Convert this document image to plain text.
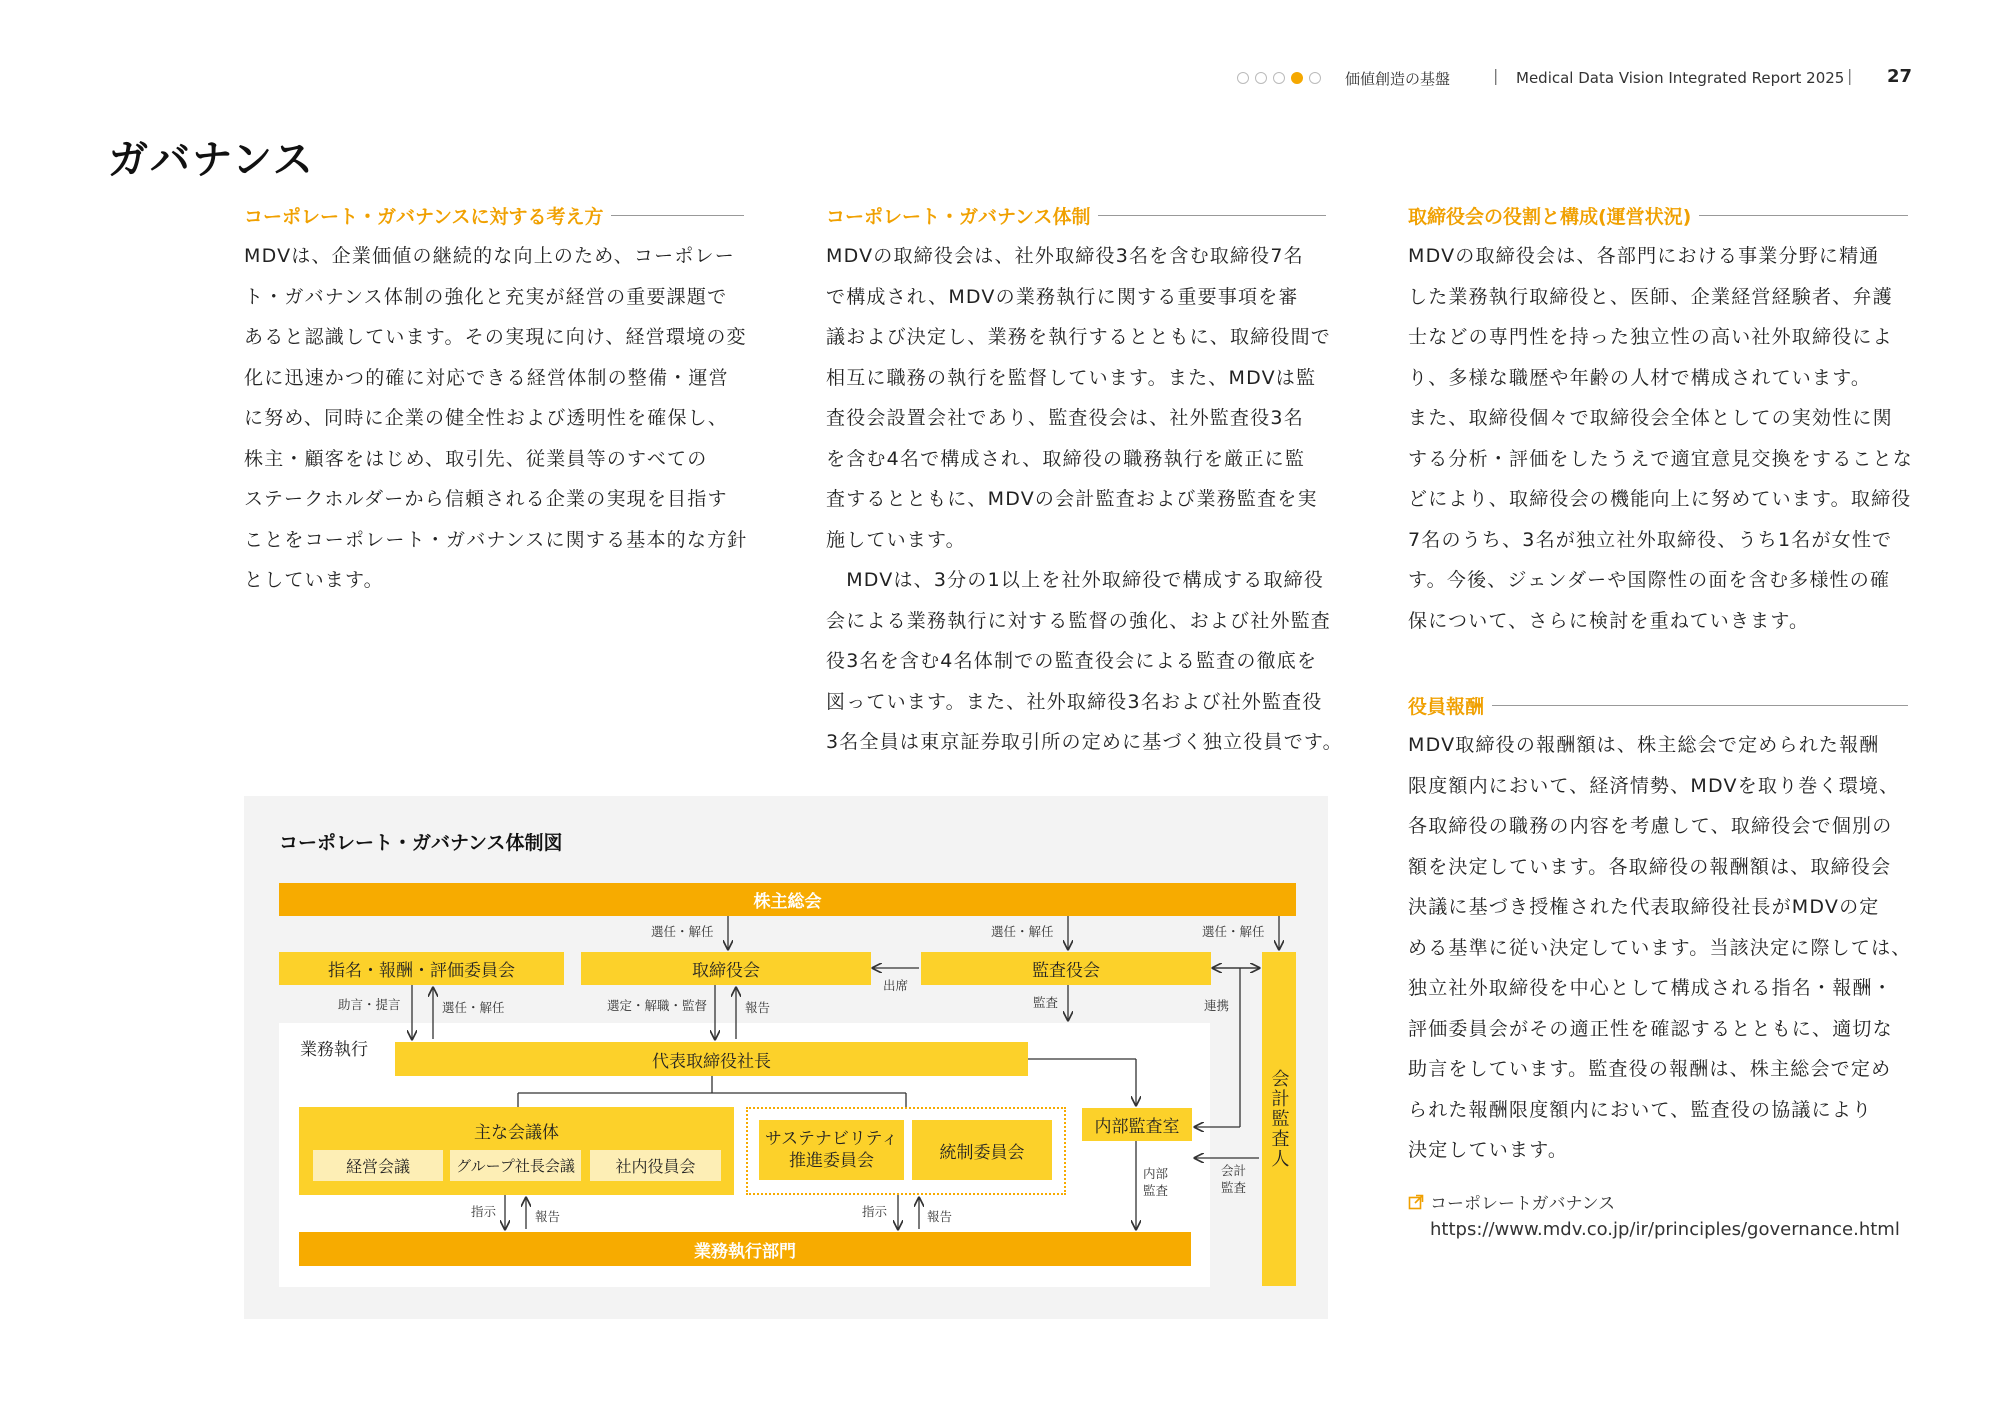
価値創造の基盤	| Medical Data Vision Integrated Report 2025 | 27
ガバナンス
コーポレート・ガバナンスに対する考え方

MDVは、企業価値の継続的な向上のため、コーポレー

ト・ガバナンス体制の強化と充実が経営の重要課題で

あると認識しています。その実現に向け、経営環境の変

化に迅速かつ的確に対応できる経営体制の整備・運営

に努め、同時に企業の健全性および透明性を確保し、

株主・顧客をはじめ、取引先、従業員等のすべての

ステークホルダーから信頼される企業の実現を目指す

ことをコーポレート・ガバナンスに関する基本的な方針

としています。

コーポレート・ガバナンス体制

MDVの取締役会は、社外取締役3名を含む取締役7名

で構成され、MDVの業務執行に関する重要事項を審

議および決定し、業務を執行するとともに、取締役間で

相互に職務の執行を監督しています。また、MDVは監

査役会設置会社であり、監査役会は、社外監査役3名

を含む4名で構成され、取締役の職務執行を厳正に監

査するとともに、MDVの会計監査および業務監査を実

施しています。

　MDVは、3分の1以上を社外取締役で構成する取締役

会による業務執行に対する監督の強化、および社外監査

役3名を含む4名体制での監査役会による監査の徹底を

図っています。また、社外取締役3名および社外監査役

3名全員は東京証券取引所の定めに基づく独立役員です。

取締役会の役割と構成(運営状況)

MDVの取締役会は、各部門における事業分野に精通

した業務執行取締役と、医師、企業経営経験者、弁護

士などの専門性を持った独立性の高い社外取締役によ

り、多様な職歴や年齢の人材で構成されています。

また、取締役個々で取締役会全体としての実効性に関

する分析・評価をしたうえで適宜意見交換をすることな

どにより、取締役会の機能向上に努めています。取締役

7名のうち、3名が独立社外取締役、うち1名が女性で

す。今後、ジェンダーや国際性の面を含む多様性の確

保について、さらに検討を重ねていきます。

役員報酬

MDV取締役の報酬額は、株主総会で定められた報酬

限度額内において、経済情勢、MDVを取り巻く環境、

各取締役の職務の内容を考慮して、取締役会で個別の

額を決定しています。各取締役の報酬額は、取締役会

決議に基づき授権された代表取締役社長がMDVの定

める基準に従い決定しています。当該決定に際しては、

独立社外取締役を中心として構成される指名・報酬・

評価委員会がその適正性を確認するとともに、適切な

助言をしています。監査役の報酬は、株主総会で定め

られた報酬限度額内において、監査役の協議により

決定しています。

コーポレートガバナンス
https://www.mdv.co.jp/ir/principles/governance.html
コーポレート・ガバナンス体制図
株主総会
指名・報酬・評価委員会	取締役会	監査役会
会計監査人
業務執行
代表取締役社長
主な会議体
経営会議	グループ社長会議	社内役員会
サステナビリティ
推進委員会	統制委員会
内部監査室
業務執行部門
選任・解任	選任・解任	選任・解任
出席
助言・提言	選任・解任	選定・解職・監督	報告	監査	連携
内部
監査
会計
監査
指示	報告	指示	報告
